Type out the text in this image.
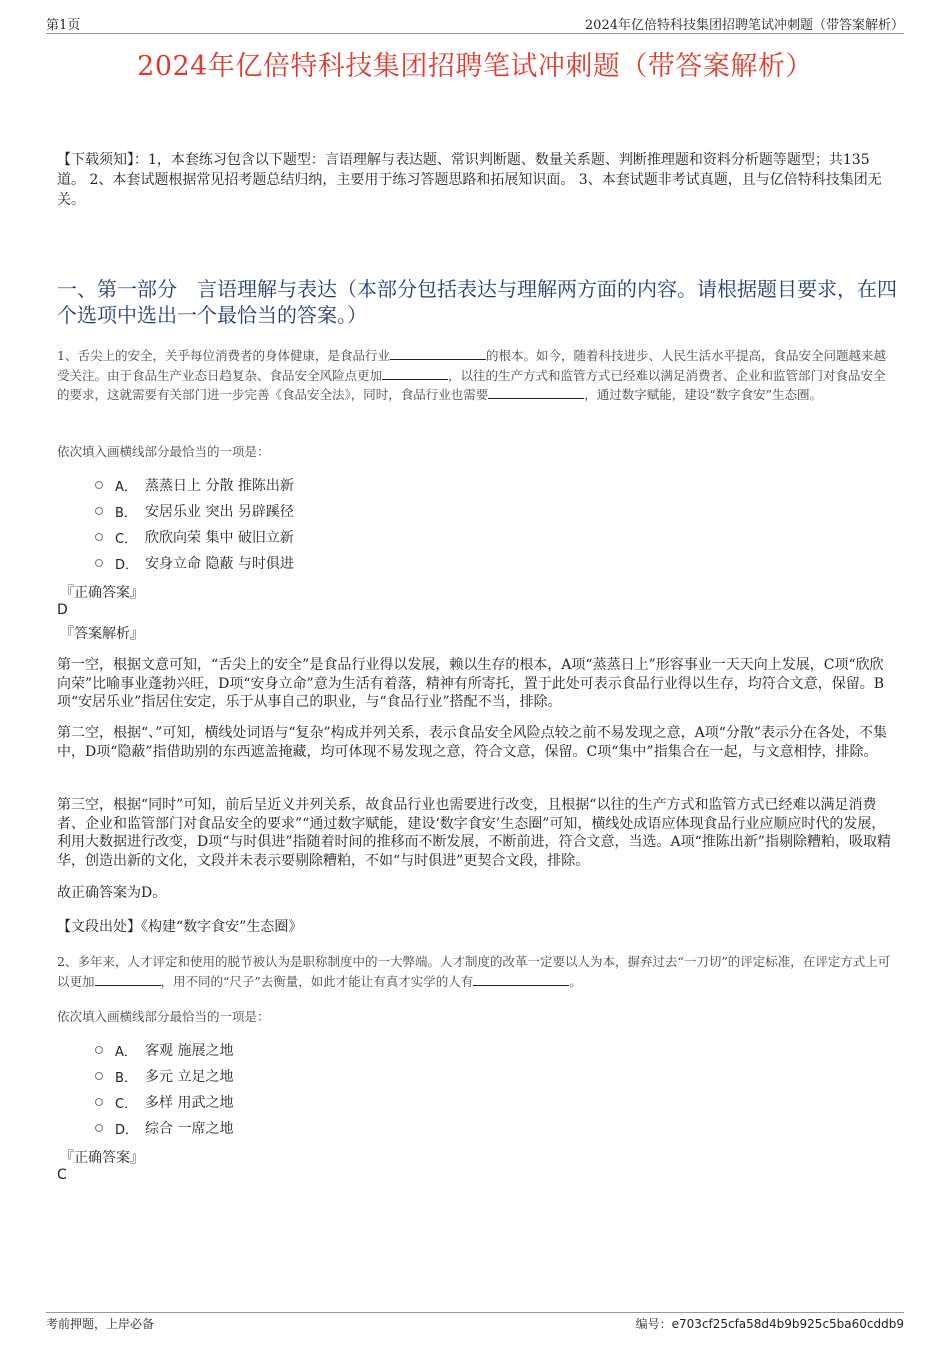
第1页	2024年亿倍特科技集团招聘笔试冲刺题（带答案解析）
2024年亿倍特科技集团招聘笔试冲刺题（带答案解析）
【下载须知】：1，本套练习包含以下题型：言语理解与表达题、常识判断题、数量关系题、判断推理题和资料分析题等题型；共135道。 2、本套试题根据常见招考题总结归纳，主要用于练习答题思路和拓展知识面。 3、本套试题非考试真题，且与亿倍特科技集团无关。
一、第一部分　言语理解与表达（本部分包括表达与理解两方面的内容。请根据题目要求，在四个选项中选出一个最恰当的答案。）
1、舌尖上的安全，关乎每位消费者的身体健康，是食品行业	的根本。如今，随着科技进步、人民生活水平提高，食品安全问题越来越受关注。由于食品生产业态日趋复杂、食品安全风险点更加	，以往的生产方式和监管方式已经难以满足消费者、企业和监管部门对食品安全的要求，这就需要有关部门进一步完善《食品安全法》，同时，食品行业也需要	，通过数字赋能，建设“数字食安”生态圈。
依次填入画横线部分最恰当的一项是：
A． 蒸蒸日上 分散 推陈出新
B． 安居乐业 突出 另辟蹊径
C． 欣欣向荣 集中 破旧立新
D． 安身立命 隐蔽 与时俱进
『正确答案』
D
『答案解析』
第一空，根据文意可知，“舌尖上的安全”是食品行业得以发展，赖以生存的根本，A项“蒸蒸日上”形容事业一天天向上发展，C项“欣欣向荣”比喻事业蓬勃兴旺，D项“安身立命”意为生活有着落，精神有所寄托，置于此处可表示食品行业得以生存，均符合文意，保留。B项“安居乐业”指居住安定，乐于从事自己的职业，与“食品行业”搭配不当，排除。
第二空，根据“、”可知，横线处词语与“复杂”构成并列关系，表示食品安全风险点较之前不易发现之意，A项“分散”表示分在各处，不集中，D项“隐蔽”指借助别的东西遮盖掩藏，均可体现不易发现之意，符合文意，保留。C项“集中”指集合在一起，与文意相悖，排除。
第三空，根据“同时”可知，前后呈近义并列关系，故食品行业也需要进行改变，且根据“以往的生产方式和监管方式已经难以满足消费者、企业和监管部门对食品安全的要求”“通过数字赋能，建设‘数字食安’生态圈”可知，横线处成语应体现食品行业应顺应时代的发展，利用大数据进行改变，D项“与时俱进”指随着时间的推移而不断发展，不断前进，符合文意，当选。A项“推陈出新”指剔除糟粕，吸取精华，创造出新的文化，文段并未表示要剔除糟粕，不如“与时俱进”更契合文段，排除。
故正确答案为D。
【文段出处】《构建“数字食安”生态圈》
2、多年来，人才评定和使用的脱节被认为是职称制度中的一大弊端。人才制度的改革一定要以人为本，摒弃过去“一刀切”的评定标准，在评定方式上可以更加	，用不同的“尺子”去衡量，如此才能让有真才实学的人有	。
依次填入画横线部分最恰当的一项是：
A． 客观 施展之地
B． 多元 立足之地
C． 多样 用武之地
D． 综合 一席之地
『正确答案』
C
考前押题，上岸必备	编号：e703cf25cfa58d4b9b925c5ba60cddb9
